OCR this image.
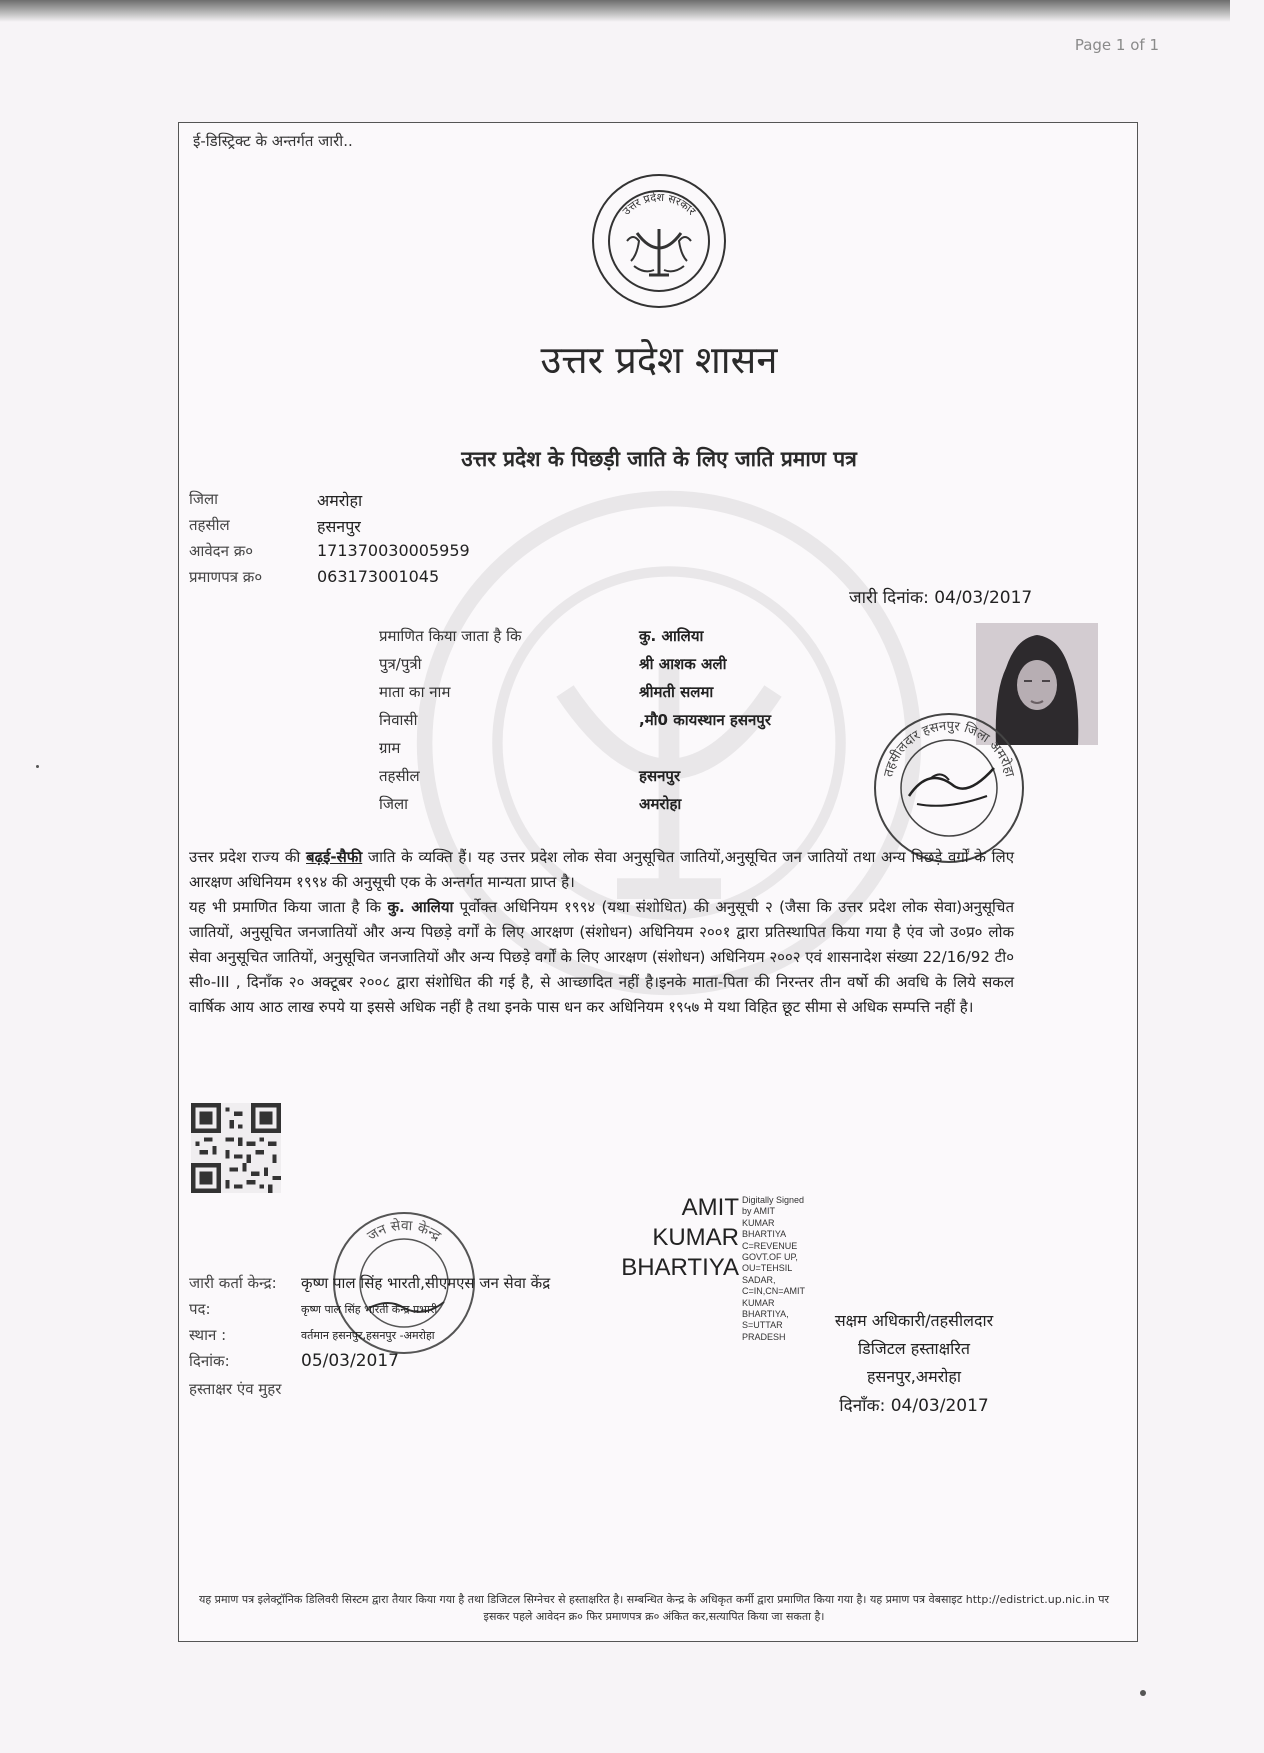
Page 1 of 1
ई-डिस्ट्रिक्ट के अन्तर्गत जारी..
उत्तर प्रदेश सरकार
उत्तर प्रदेश शासन
उत्तर प्रदेश के पिछड़ी जाति के लिए जाति प्रमाण पत्र
जिला	अमरोहा
तहसील	हसनपुर
आवेदन क्र०	171370030005959
प्रमाणपत्र क्र०	063173001045
जारी दिनांक: 04/03/2017
प्रमाणित किया जाता है कि	कु. आलिया
पुत्र/पुत्री	श्री आशक अली
माता का नाम	श्रीमती सलमा
निवासी	,मौ0 कायस्थान हसनपुर
ग्राम
तहसील	हसनपुर
जिला	अमरोहा
तहसीलदार हसनपुर जिला अमरोहा

उत्तर प्रदेश राज्य की बढ़ई-सैफी जाति के व्यक्ति हैं। यह उत्तर प्रदेश लोक सेवा अनुसूचित जातियों,अनुसूचित जन जातियों तथा अन्य पिछड़े वर्गों के लिए आरक्षण अधिनियम १९९४ की अनुसूची एक के अन्तर्गत मान्यता प्राप्त है।

यह भी प्रमाणित किया जाता है कि कु. आलिया पूर्वोक्त अधिनियम १९९४ (यथा संशोधित) की अनुसूची २ (जैसा कि उत्तर प्रदेश लोक सेवा)अनुसूचित जातियों, अनुसूचित जनजातियों और अन्य पिछड़े वर्गों के लिए आरक्षण (संशोधन) अधिनियम २००१ द्वारा प्रतिस्थापित किया गया है एंव जो उ०प्र० लोक सेवा अनुसूचित जातियों, अनुसूचित जनजातियों और अन्य पिछड़े वर्गों के लिए आरक्षण (संशोधन) अधिनियम २००२ एवं शासनादेश संख्या 22/16/92 टी० सी०-III , दिनाँक २० अक्टूबर २००८ द्वारा संशोधित की गई है, से आच्छादित नहीं है।इनके माता-पिता की निरन्तर तीन वर्षो की अवधि के लिये सकल वार्षिक आय आठ लाख रुपये या इससे अधिक नहीं है तथा इनके पास धन कर अधिनियम १९५७ मे यथा विहित छूट सीमा से अधिक सम्पत्ति नहीं है।

AMIT
KUMAR
BHARTIYA
Digitally Signed
by AMIT
KUMAR
BHARTIYA
C=REVENUE
GOVT.OF UP,
OU=TEHSIL
SADAR,
C=IN,CN=AMIT
KUMAR
BHARTIYA,
S=UTTAR
PRADESH
जन सेवा केन्द्र
जारी कर्ता केन्द्र: कृष्ण पाल सिंह भारती,सीएमएस जन सेवा केंद्र
पद:	कृष्ण पाल सिंह भारती केन्द्र प्रभारी
स्थान :	वर्तमान हसनपुर,हसनपुर -अमरोहा
दिनांक:	05/03/2017
हस्ताक्षर एंव मुहर
सक्षम अधिकारी/तहसीलदार
डिजिटल हस्ताक्षरित
हसनपुर,अमरोहा
दिनाँक: 04/03/2017
यह प्रमाण पत्र इलेक्ट्रॉनिक डिलिवरी सिस्टम द्वारा तैयार किया गया है तथा डिजिटल सिग्नेचर से हस्ताक्षरित है। सम्बन्धित केन्द्र के अधिकृत कर्मी द्वारा प्रमाणित किया गया है। यह प्रमाण पत्र वेबसाइट http://edistrict.up.nic.in पर इसकर पहले आवेदन क्र० फिर प्रमाणपत्र क्र० अंकित कर,सत्यापित किया जा सकता है।
